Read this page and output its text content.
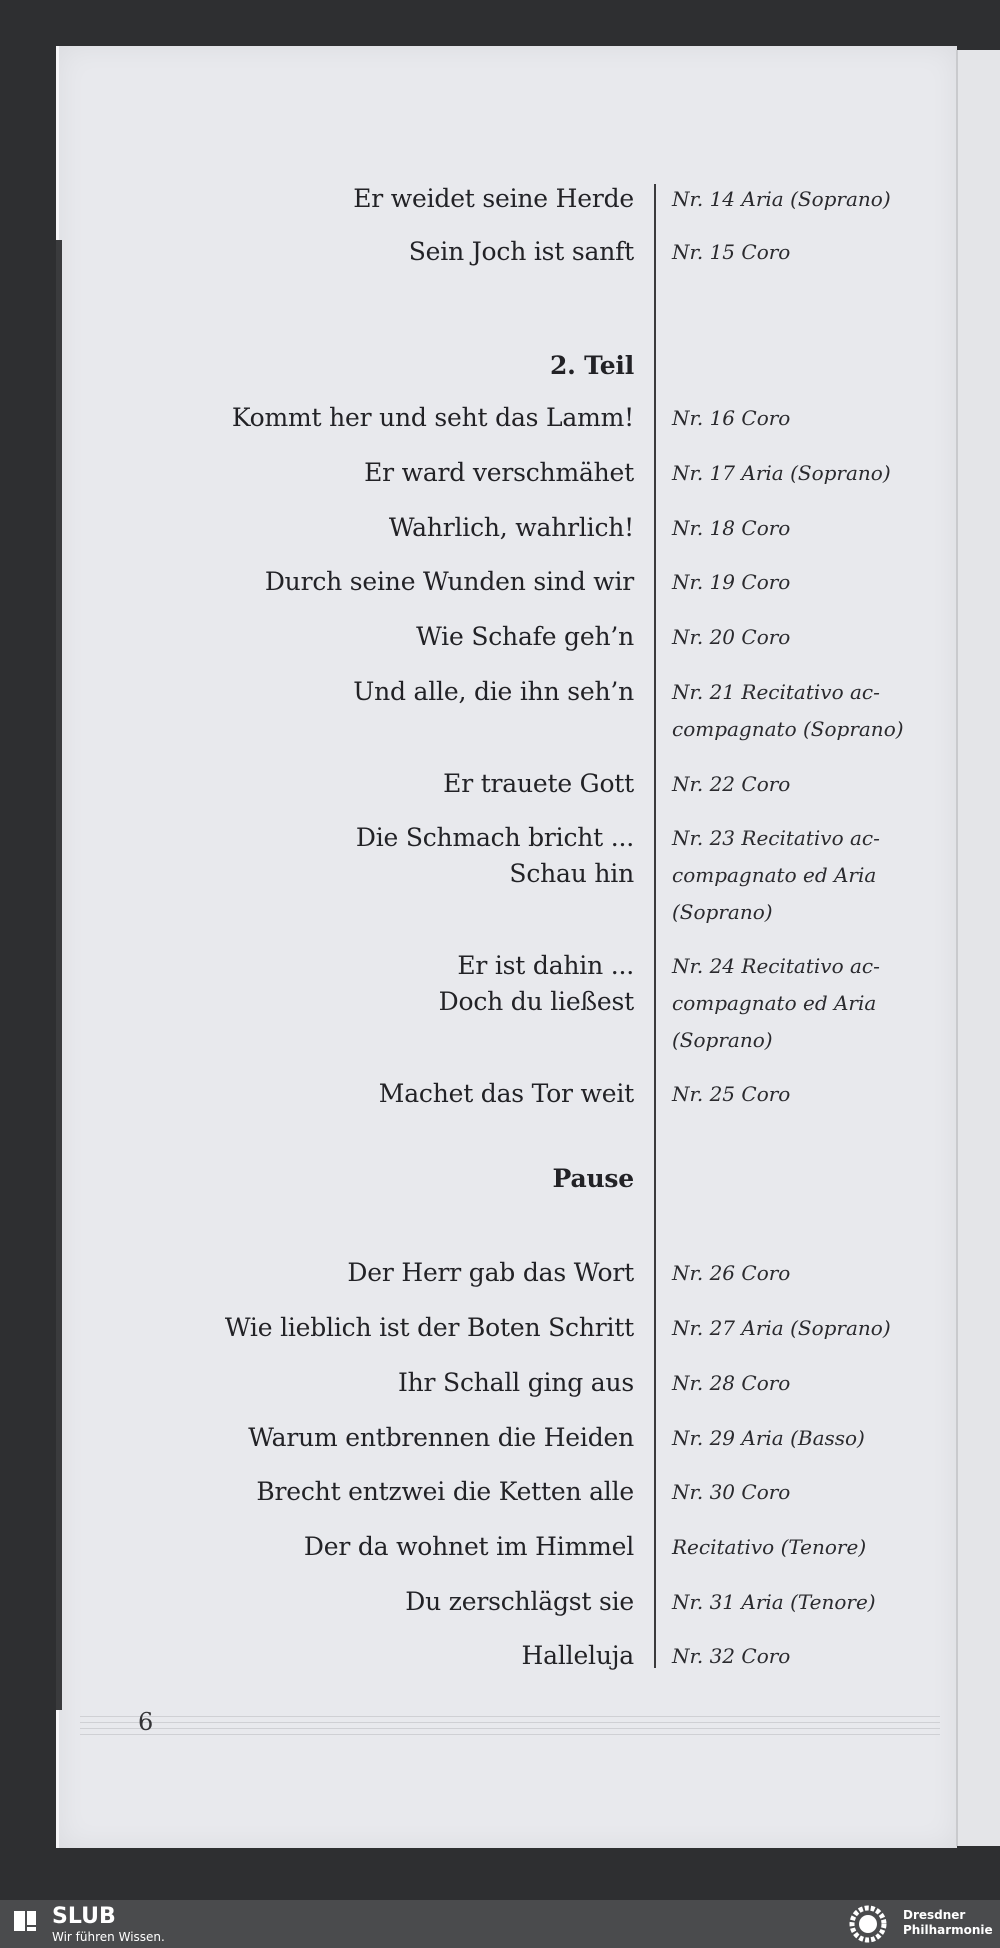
Er weidet seine Herde Nr. 14 Aria (Soprano)
Sein Joch ist sanft Nr. 15 Coro
2. Teil
Kommt her und seht das Lamm! Nr. 16 Coro
Er ward verschmähet Nr. 17 Aria (Soprano)
Wahrlich, wahrlich! Nr. 18 Coro
Durch seine Wunden sind wir Nr. 19 Coro
Wie Schafe geh’n Nr. 20 Coro
Und alle, die ihn seh’n Nr. 21 Recitativo ac- compagnato (Soprano)
Er trauete Gott Nr. 22 Coro
Die Schmach bricht ...
Schau hin
Nr. 23 Recitativo ac- compagnato ed Aria (Soprano)
Er ist dahin ...
Doch du ließest
Nr. 24 Recitativo ac- compagnato ed Aria (Soprano)
Machet das Tor weit Nr. 25 Coro
Pause
Der Herr gab das Wort Nr. 26 Coro
Wie lieblich ist der Boten Schritt Nr. 27 Aria (Soprano)
Ihr Schall ging aus Nr. 28 Coro
Warum entbrennen die Heiden Nr. 29 Aria (Basso)
Brecht entzwei die Ketten alle Nr. 30 Coro
Der da wohnet im Himmel Recitativo (Tenore)
Du zerschlägst sie Nr. 31 Aria (Tenore)
Halleluja Nr. 32 Coro
6
SLUB
Wir führen Wissen.
Dresdner
Philharmonie
